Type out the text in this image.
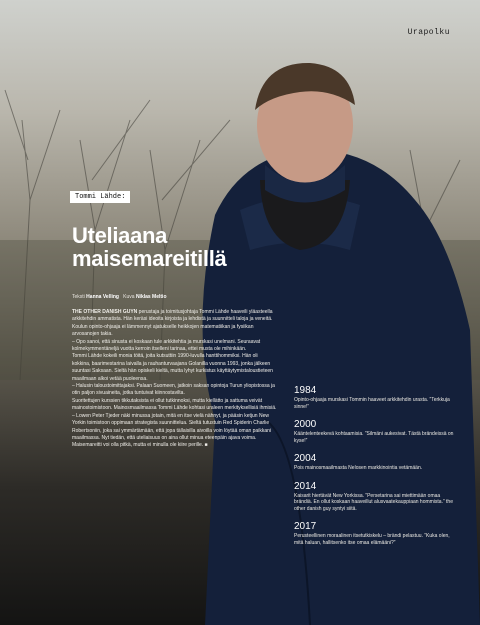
Urapolku
Tommi Lähde:
Uteliaana
maisemareitillä
Teksti Hanna Velling Kuva Niklas Meltio

THE OTHER DANISH GUYN perustaja ja toimitusjohtaja Tommi Lähde haaveili yläasteella arkkitehdin ammatista. Hän keräsi ideoita kirjoista ja lehdistä ja suunnitteli taloja ja veneitä. Koulun opinto-ohjaaja ei lämmennyt ajatukselle heikkojen matematiikan ja fysiikan arvosanojen takia.

– Opo sanoi, että sinusta ei koskaan tule arkkitehtia ja murskasi unelmani. Seuraavat kolmekymmentäneljä vuotta kerroin itselleni tarinaa, ettei musta ole mihinkään.

Tommi Lähde kokeili monia töitä, joita kutsuttiin 1990-luvulla hanttihommiksi. Hän oli kokkina, baarimestarina laivalla ja rauhanturvaajana Golanilla vuonna 1993, jonka jälkeen suuntasi Saksaan. Sieltä hän opiskeli kieltä, mutta lyhyt kurkistus käyttäytymistaloustieteen maailmaan alkoi vetää puoleensa.

– Halusin taloustoimittajaksi. Palaan Suomeen, jatkoin saksan opintoja Turun yliopistossa ja otin paljon sivuaineita, jotka tuntuivat kiinnostavilta.

Suoritettujen kurssien tikkutaksista ei ollut tutkinnoksi, mutta kiellätto ja sattuma veivät mainostoimistoon. Mainosmaailmassa Tommi Lähde kohtasi uraleen merkityksellisiä ihmisiä.

– Lowen Peter Tjeder näki minussa jotain, mitä en itse vielä nähnyt, ja pääsin ketjun New Yorkin toimistoon oppimaan strategista suunnittelua. Sieltä tutustuin Red Spiderin Charlie Robertsoniin, joka sai ymmärtämään, että jopa tällaisilla aivoilla voin löytää oman paikkani maailmassa. Nyt tiedän, että uteliaisuus on aina ollut minua eteenpäin ajava voima. Maisemareitti voi olla pitkä, mutta ei minulla ole kiire perille. ■

1984
Opinto-ohjaaja murskasi Tommin haaveet arkkitehdin urasta. ”Terkkuja sinne!”
2000
Kääntelenteekevä kohtaamisia. ”Silmäni aukesivat. Tästä brändeissä on kyse!”
2004
Pois mainosmaailmasta Nelosen markkinointia vetämään.
2014
Kaisarit hiertävät New Yorkissa. ”Persetarina sai miettimään omaa brändiä. En ollut koskaan haaveillut alusvaatekauppiaan hommista.” the other danish guy syntyi siitä.
2017
Perusteellinen moraalinen itsetutkiskelu – brändi pelastuu. ”Kuka olen, mitä haluan, hallitsenko itse omaa elämääni?”
